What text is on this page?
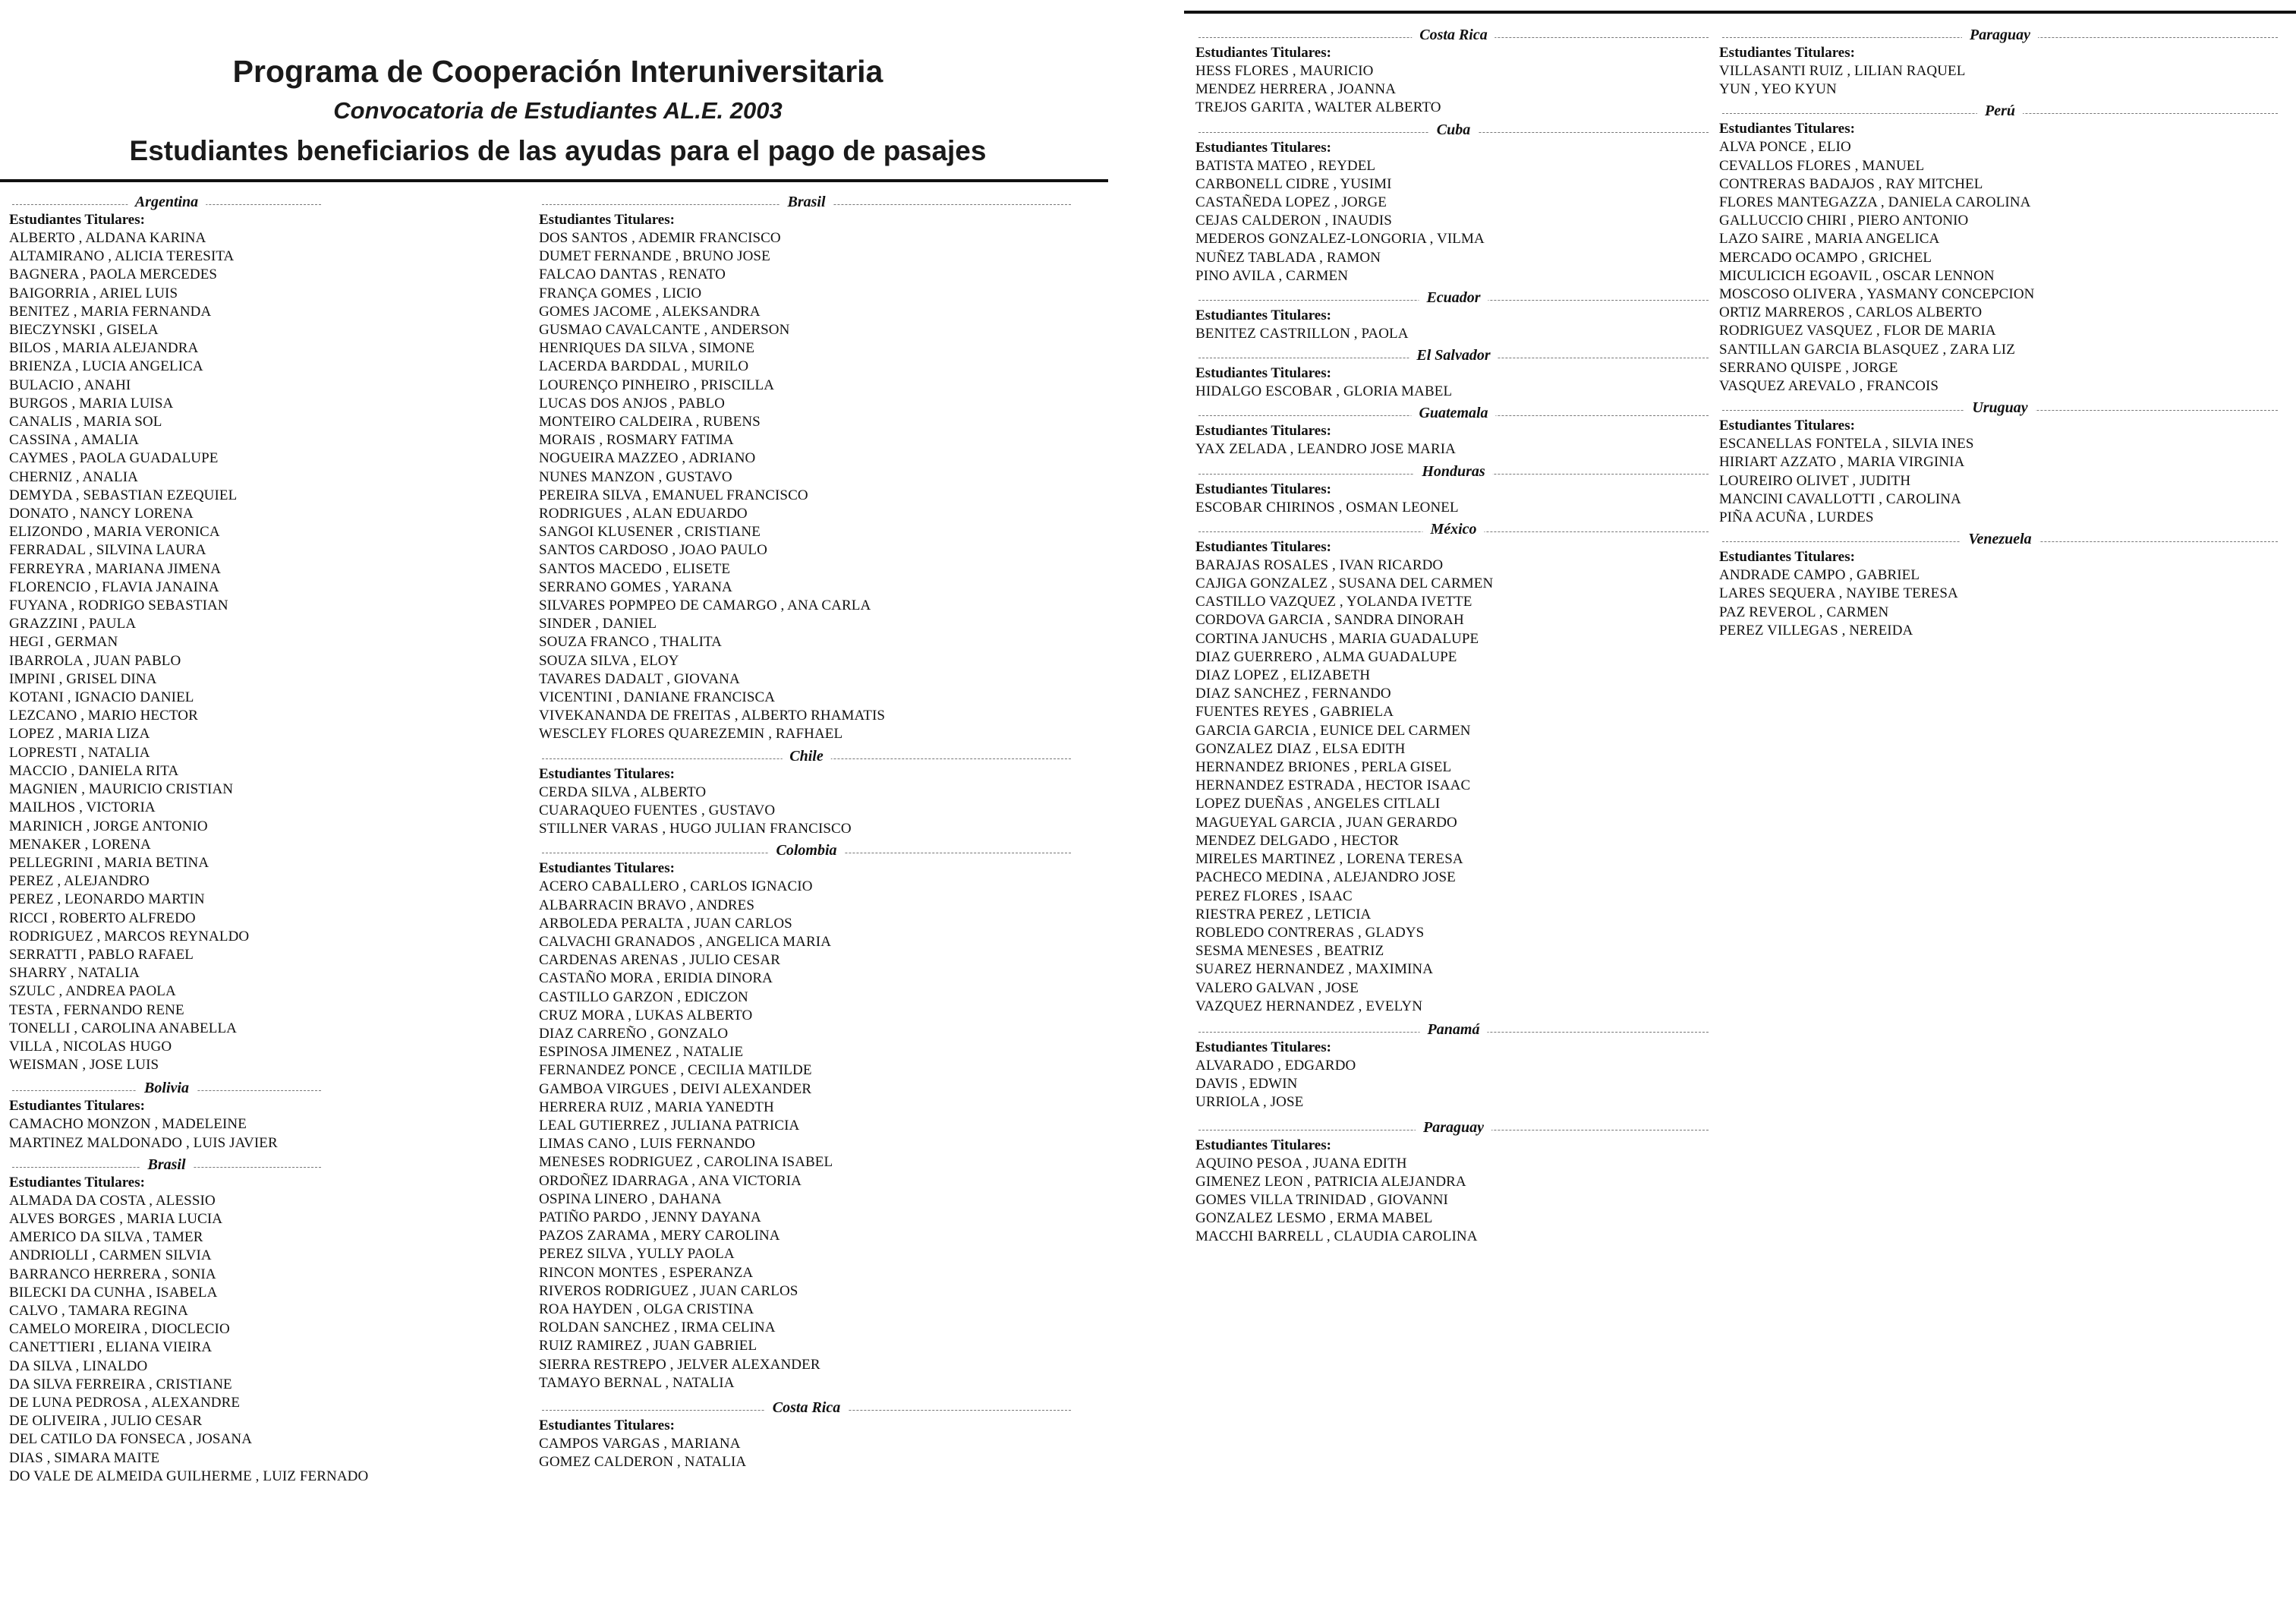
Programa de Cooperación Interuniversitaria
Convocatoria de Estudiantes AL.E. 2003
Estudiantes beneficiarios de las ayudas para el pago de pasajes
Argentina
Estudiantes Titulares:
ALBERTO , ALDANA KARINA
ALTAMIRANO , ALICIA TERESITA
BAGNERA , PAOLA MERCEDES
BAIGORRIA , ARIEL LUIS
BENITEZ , MARIA FERNANDA
BIECZYNSKI , GISELA
BILOS , MARIA ALEJANDRA
BRIENZA , LUCIA ANGELICA
BULACIO , ANAHI
BURGOS , MARIA LUISA
CANALIS , MARIA SOL
CASSINA , AMALIA
CAYMES , PAOLA GUADALUPE
CHERNIZ , ANALIA
DEMYDA , SEBASTIAN EZEQUIEL
DONATO , NANCY LORENA
ELIZONDO , MARIA VERONICA
FERRADAL , SILVINA LAURA
FERREYRA , MARIANA JIMENA
FLORENCIO , FLAVIA JANAINA
FUYANA , RODRIGO SEBASTIAN
GRAZZINI , PAULA
HEGI , GERMAN
IBARROLA , JUAN PABLO
IMPINI , GRISEL DINA
KOTANI , IGNACIO DANIEL
LEZCANO , MARIO HECTOR
LOPEZ , MARIA LIZA
LOPRESTI , NATALIA
MACCIO , DANIELA RITA
MAGNIEN , MAURICIO CRISTIAN
MAILHOS , VICTORIA
MARINICH , JORGE ANTONIO
MENAKER , LORENA
PELLEGRINI , MARIA BETINA
PEREZ , ALEJANDRO
PEREZ , LEONARDO MARTIN
RICCI , ROBERTO ALFREDO
RODRIGUEZ , MARCOS REYNALDO
SERRATTI , PABLO RAFAEL
SHARRY , NATALIA
SZULC , ANDREA PAOLA
TESTA , FERNANDO RENE
TONELLI , CAROLINA ANABELLA
VILLA , NICOLAS HUGO
WEISMAN , JOSE LUIS
Bolivia
Estudiantes Titulares:
CAMACHO MONZON , MADELEINE
MARTINEZ MALDONADO , LUIS JAVIER
Brasil
Estudiantes Titulares:
ALMADA DA COSTA , ALESSIO
ALVES BORGES , MARIA LUCIA
AMERICO DA SILVA , TAMER
ANDRIOLLI , CARMEN SILVIA
BARRANCO HERRERA , SONIA
BILECKI DA CUNHA , ISABELA
CALVO , TAMARA REGINA
CAMELO MOREIRA , DIOCLECIO
CANETTIERI , ELIANA VIEIRA
DA SILVA , LINALDO
DA SILVA FERREIRA , CRISTIANE
DE LUNA PEDROSA , ALEXANDRE
DE OLIVEIRA , JULIO CESAR
DEL CATILO DA FONSECA , JOSANA
DIAS , SIMARA MAITE
DO VALE DE ALMEIDA GUILHERME , LUIZ FERNADO
Brasil
Estudiantes Titulares:
DOS SANTOS , ADEMIR FRANCISCO
DUMET FERNANDE , BRUNO JOSE
FALCAO DANTAS , RENATO
FRANÇA GOMES , LICIO
GOMES JACOME , ALEKSANDRA
GUSMAO CAVALCANTE , ANDERSON
HENRIQUES DA SILVA , SIMONE
LACERDA BARDDAL , MURILO
LOURENÇO PINHEIRO , PRISCILLA
LUCAS DOS ANJOS , PABLO
MONTEIRO CALDEIRA , RUBENS
MORAIS , ROSMARY FATIMA
NOGUEIRA MAZZEO , ADRIANO
NUNES MANZON , GUSTAVO
PEREIRA SILVA , EMANUEL FRANCISCO
RODRIGUES , ALAN EDUARDO
SANGOI KLUSENER , CRISTIANE
SANTOS CARDOSO , JOAO PAULO
SANTOS MACEDO , ELISETE
SERRANO GOMES , YARANA
SILVARES POPMPEO DE CAMARGO , ANA CARLA
SINDER , DANIEL
SOUZA FRANCO , THALITA
SOUZA SILVA , ELOY
TAVARES DADALT , GIOVANA
VICENTINI , DANIANE FRANCISCA
VIVEKANANDA DE FREITAS , ALBERTO RHAMATIS
WESCLEY FLORES QUAREZEMIN , RAFHAEL
Chile
Estudiantes Titulares:
CERDA SILVA , ALBERTO
CUARAQUEO FUENTES , GUSTAVO
STILLNER VARAS , HUGO JULIAN FRANCISCO
Colombia
Estudiantes Titulares:
ACERO CABALLERO , CARLOS IGNACIO
ALBARRACIN BRAVO , ANDRES
ARBOLEDA PERALTA , JUAN CARLOS
CALVACHI GRANADOS , ANGELICA MARIA
CARDENAS ARENAS , JULIO CESAR
CASTAÑO MORA , ERIDIA DINORA
CASTILLO GARZON , EDICZON
CRUZ MORA , LUKAS ALBERTO
DIAZ CARREÑO , GONZALO
ESPINOSA JIMENEZ , NATALIE
FERNANDEZ PONCE , CECILIA MATILDE
GAMBOA VIRGUES , DEIVI ALEXANDER
HERRERA RUIZ , MARIA YANEDTH
LEAL GUTIERREZ , JULIANA PATRICIA
LIMAS CANO , LUIS FERNANDO
MENESES RODRIGUEZ , CAROLINA ISABEL
ORDOÑEZ IDARRAGA , ANA VICTORIA
OSPINA LINERO , DAHANA
PATIÑO PARDO , JENNY DAYANA
PAZOS ZARAMA , MERY CAROLINA
PEREZ SILVA , YULLY PAOLA
RINCON MONTES , ESPERANZA
RIVEROS RODRIGUEZ , JUAN CARLOS
ROA HAYDEN , OLGA CRISTINA
ROLDAN SANCHEZ , IRMA CELINA
RUIZ RAMIREZ , JUAN GABRIEL
SIERRA RESTREPO , JELVER ALEXANDER
TAMAYO BERNAL , NATALIA
Costa Rica
Estudiantes Titulares:
CAMPOS VARGAS , MARIANA
GOMEZ CALDERON , NATALIA
Costa Rica
Estudiantes Titulares:
HESS FLORES , MAURICIO
MENDEZ HERRERA , JOANNA
TREJOS GARITA , WALTER ALBERTO
Cuba
Estudiantes Titulares:
BATISTA MATEO , REYDEL
CARBONELL CIDRE , YUSIMI
CASTAÑEDA LOPEZ , JORGE
CEJAS CALDERON , INAUDIS
MEDEROS GONZALEZ-LONGORIA , VILMA
NUÑEZ TABLADA , RAMON
PINO AVILA , CARMEN
Ecuador
Estudiantes Titulares:
BENITEZ CASTRILLON , PAOLA
El Salvador
Estudiantes Titulares:
HIDALGO ESCOBAR , GLORIA MABEL
Guatemala
Estudiantes Titulares:
YAX ZELADA , LEANDRO JOSE MARIA
Honduras
Estudiantes Titulares:
ESCOBAR CHIRINOS , OSMAN LEONEL
México
Estudiantes Titulares:
BARAJAS ROSALES , IVAN RICARDO
CAJIGA GONZALEZ , SUSANA DEL CARMEN
CASTILLO VAZQUEZ , YOLANDA IVETTE
CORDOVA GARCIA , SANDRA DINORAH
CORTINA JANUCHS , MARIA GUADALUPE
DIAZ GUERRERO , ALMA GUADALUPE
DIAZ LOPEZ , ELIZABETH
DIAZ SANCHEZ , FERNANDO
FUENTES REYES , GABRIELA
GARCIA GARCIA , EUNICE DEL CARMEN
GONZALEZ DIAZ , ELSA EDITH
HERNANDEZ BRIONES , PERLA GISEL
HERNANDEZ ESTRADA , HECTOR ISAAC
LOPEZ DUEÑAS , ANGELES CITLALI
MAGUEYAL GARCIA , JUAN GERARDO
MENDEZ DELGADO , HECTOR
MIRELES MARTINEZ , LORENA TERESA
PACHECO MEDINA , ALEJANDRO JOSE
PEREZ FLORES , ISAAC
RIESTRA PEREZ , LETICIA
ROBLEDO CONTRERAS , GLADYS
SESMA MENESES , BEATRIZ
SUAREZ HERNANDEZ , MAXIMINA
VALERO GALVAN , JOSE
VAZQUEZ HERNANDEZ , EVELYN
Panamá
Estudiantes Titulares:
ALVARADO , EDGARDO
DAVIS , EDWIN
URRIOLA , JOSE
Paraguay
Estudiantes Titulares:
AQUINO PESOA , JUANA EDITH
GIMENEZ LEON , PATRICIA ALEJANDRA
GOMES VILLA TRINIDAD , GIOVANNI
GONZALEZ LESMO , ERMA MABEL
MACCHI BARRELL , CLAUDIA CAROLINA
Paraguay
Estudiantes Titulares:
VILLASANTI RUIZ , LILIAN RAQUEL
YUN , YEO KYUN
Perú
Estudiantes Titulares:
ALVA PONCE , ELIO
CEVALLOS FLORES , MANUEL
CONTRERAS BADAJOS , RAY MITCHEL
FLORES MANTEGAZZA , DANIELA CAROLINA
GALLUCCIO CHIRI , PIERO ANTONIO
LAZO SAIRE , MARIA ANGELICA
MERCADO OCAMPO , GRICHEL
MICULICICH EGOAVIL , OSCAR LENNON
MOSCOSO OLIVERA , YASMANY CONCEPCION
ORTIZ MARREROS , CARLOS ALBERTO
RODRIGUEZ VASQUEZ , FLOR DE MARIA
SANTILLAN GARCIA BLASQUEZ , ZARA LIZ
SERRANO QUISPE , JORGE
VASQUEZ AREVALO , FRANCOIS
Uruguay
Estudiantes Titulares:
ESCANELLAS FONTELA , SILVIA INES
HIRIART AZZATO , MARIA VIRGINIA
LOUREIRO OLIVET , JUDITH
MANCINI CAVALLOTTI , CAROLINA
PIÑA ACUÑA , LURDES
Venezuela
Estudiantes Titulares:
ANDRADE CAMPO , GABRIEL
LARES SEQUERA , NAYIBE TERESA
PAZ REVEROL , CARMEN
PEREZ VILLEGAS , NEREIDA
